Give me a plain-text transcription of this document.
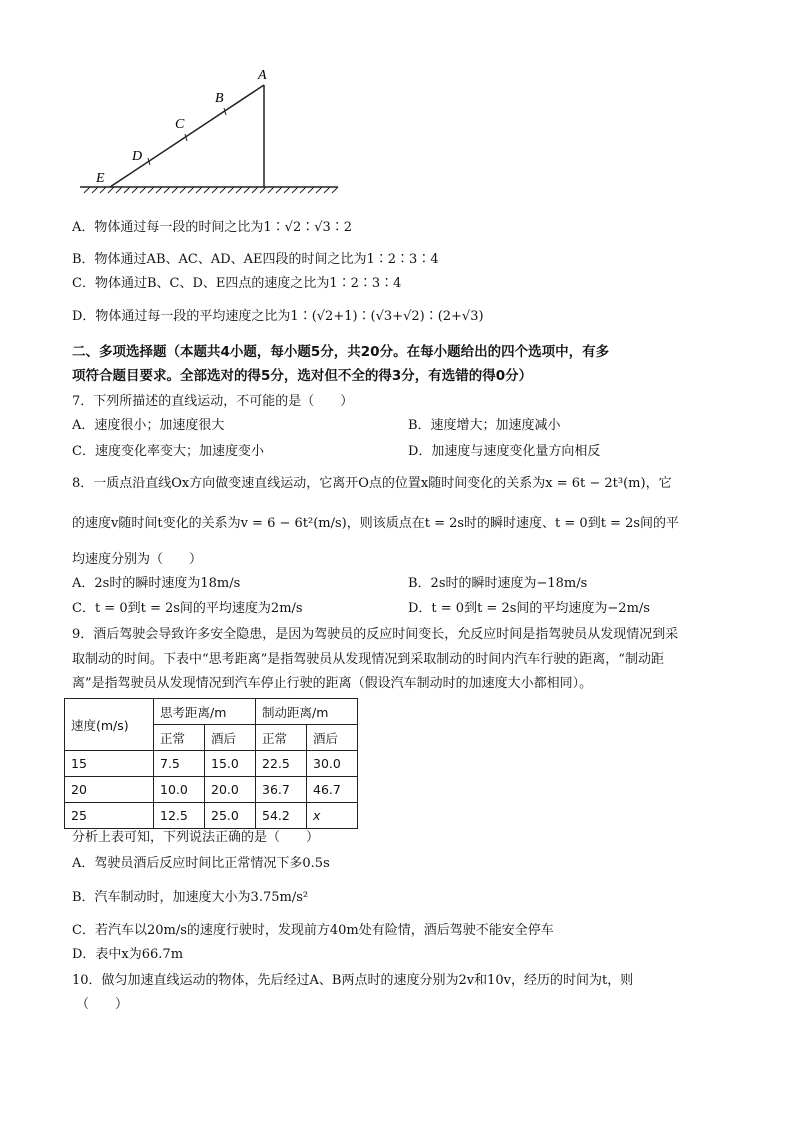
A
B
C
D
E
A．物体通过每一段的时间之比为1∶√2∶√3∶2
B．物体通过AB、AC、AD、AE四段的时间之比为1∶2∶3∶4
C．物体通过B、C、D、E四点的速度之比为1∶2∶3∶4
D．物体通过每一段的平均速度之比为1∶(√2+1)∶(√3+√2)∶(2+√3)
二、多项选择题（本题共4小题，每小题5分，共20分。在每小题给出的四个选项中，有多
项符合题目要求。全部选对的得5分，选对但不全的得3分，有选错的得0分）
7．下列所描述的直线运动，不可能的是（　　）
A．速度很小；加速度很大	B．速度增大；加速度减小
C．速度变化率变大；加速度变小	D．加速度与速度变化量方向相反
8．一质点沿直线Ox方向做变速直线运动，它离开O点的位置x随时间变化的关系为x = 6t − 2t³(m)，它
的速度v随时间t变化的关系为v = 6 − 6t²(m/s)，则该质点在t = 2s时的瞬时速度、t = 0到t = 2s间的平
均速度分别为（　　）
A．2s时的瞬时速度为18m/s	B．2s时的瞬时速度为−18m/s
C．t = 0到t = 2s间的平均速度为2m/s	D．t = 0到t = 2s间的平均速度为−2m/s
9．酒后驾驶会导致许多安全隐患，是因为驾驶员的反应时间变长，允反应时间是指驾驶员从发现情况到采
取制动的时间。下表中“思考距离”是指驾驶员从发现情况到采取制动的时间内汽车行驶的距离，“制动距
离”是指驾驶员从发现情况到汽车停止行驶的距离（假设汽车制动时的加速度大小都相同）。
速度(m/s)	思考距离/m		制动距离/m	
	正常	酒后	正常	酒后
15	7.5	15.0	22.5	30.0
20	10.0	20.0	36.7	46.7
25	12.5	25.0	54.2	x
分析上表可知，下列说法正确的是（　　）
A．驾驶员酒后反应时间比正常情况下多0.5s
B．汽车制动时，加速度大小为3.75m/s²
C．若汽车以20m/s的速度行驶时，发现前方40m处有险情，酒后驾驶不能安全停车
D．表中x为66.7m
10．做匀加速直线运动的物体，先后经过A、B两点时的速度分别为2v和10v，经历的时间为t，则
（　　）
